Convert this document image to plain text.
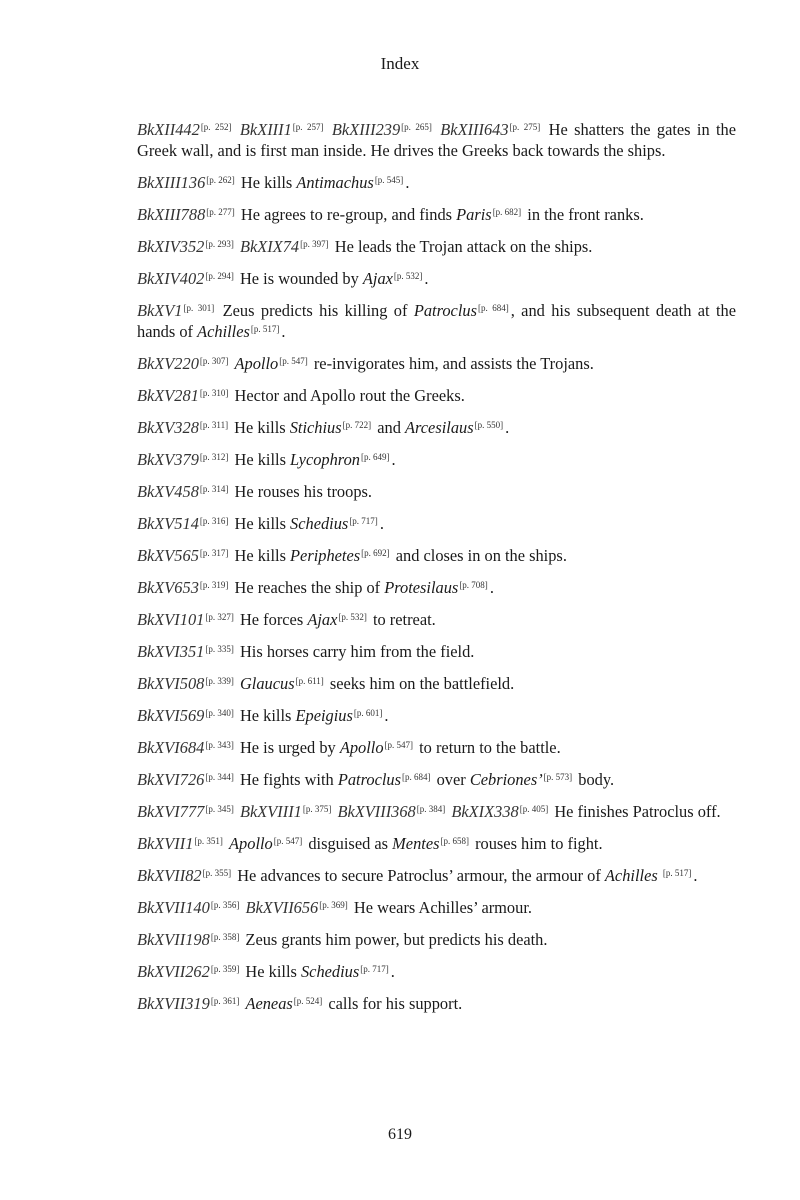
Index

BkXII442[p. 252] BkXIII1[p. 257] BkXIII239[p. 265] BkXIII643[p. 275] He shatters the gates in the Greek wall, and is first man inside. He drives the Greeks back towards the ships.

BkXIII136[p. 262] He kills Antimachus[p. 545] .

BkXIII788[p. 277] He agrees to re-group, and finds Paris[p. 682] in the front ranks.

BkXIV352[p. 293] BkXIX74[p. 397] He leads the Trojan attack on the ships.

BkXIV402[p. 294] He is wounded by Ajax[p. 532] .

BkXV1[p. 301] Zeus predicts his killing of Patroclus[p. 684] , and his subsequent death at the hands of Achilles[p. 517] .

BkXV220[p. 307] Apollo[p. 547] re-invigorates him, and assists the Trojans.

BkXV281[p. 310] Hector and Apollo rout the Greeks.

BkXV328[p. 311] He kills Stichius[p. 722] and Arcesilaus[p. 550] .

BkXV379[p. 312] He kills Lycophron[p. 649] .

BkXV458[p. 314] He rouses his troops.

BkXV514[p. 316] He kills Schedius[p. 717] .

BkXV565[p. 317] He kills Periphetes[p. 692] and closes in on the ships.

BkXV653[p. 319] He reaches the ship of Protesilaus[p. 708] .

BkXVI101[p. 327] He forces Ajax[p. 532] to retreat.

BkXVI351[p. 335] His horses carry him from the field.

BkXVI508[p. 339] Glaucus[p. 611] seeks him on the battlefield.

BkXVI569[p. 340] He kills Epeigius[p. 601] .

BkXVI684[p. 343] He is urged by Apollo[p. 547] to return to the battle.

BkXVI726[p. 344] He fights with Patroclus[p. 684] over Cebriones’[p. 573] body.

BkXVI777[p. 345] BkXVIII1[p. 375] BkXVIII368[p. 384] BkXIX338[p. 405] He finishes Patroclus off.

BkXVII1[p. 351] Apollo[p. 547] disguised as Mentes[p. 658] rouses him to fight.

BkXVII82[p. 355] He advances to secure Patroclus’ armour, the armour of Achilles [p. 517] .

BkXVII140[p. 356] BkXVII656[p. 369] He wears Achilles’ armour.

BkXVII198[p. 358] Zeus grants him power, but predicts his death.

BkXVII262[p. 359] He kills Schedius[p. 717] .

BkXVII319[p. 361] Aeneas[p. 524] calls for his support.

619
